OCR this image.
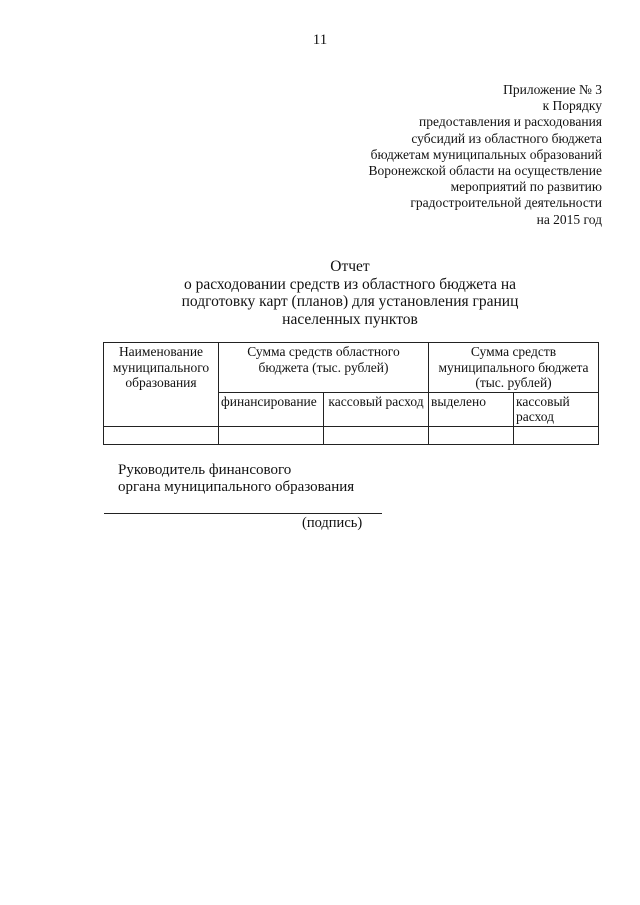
11
Приложение № 3
к Порядку
предоставления и расходования
субсидий из областного бюджета
бюджетам муниципальных образований
Воронежской области на осуществление
мероприятий по развитию
градостроительной деятельности
на 2015 год
Отчет
о расходовании средств из областного бюджета на
подготовку карт (планов) для установления границ
населенных пунктов
Наименование муниципального образования	Сумма средств областного бюджета (тыс. рублей)		Сумма средств муниципального бюджета (тыс. рублей)	
	финансирование	кассовый расход	выделено	кассовый расход

Руководитель финансового
органа муниципального образования
(подпись)
